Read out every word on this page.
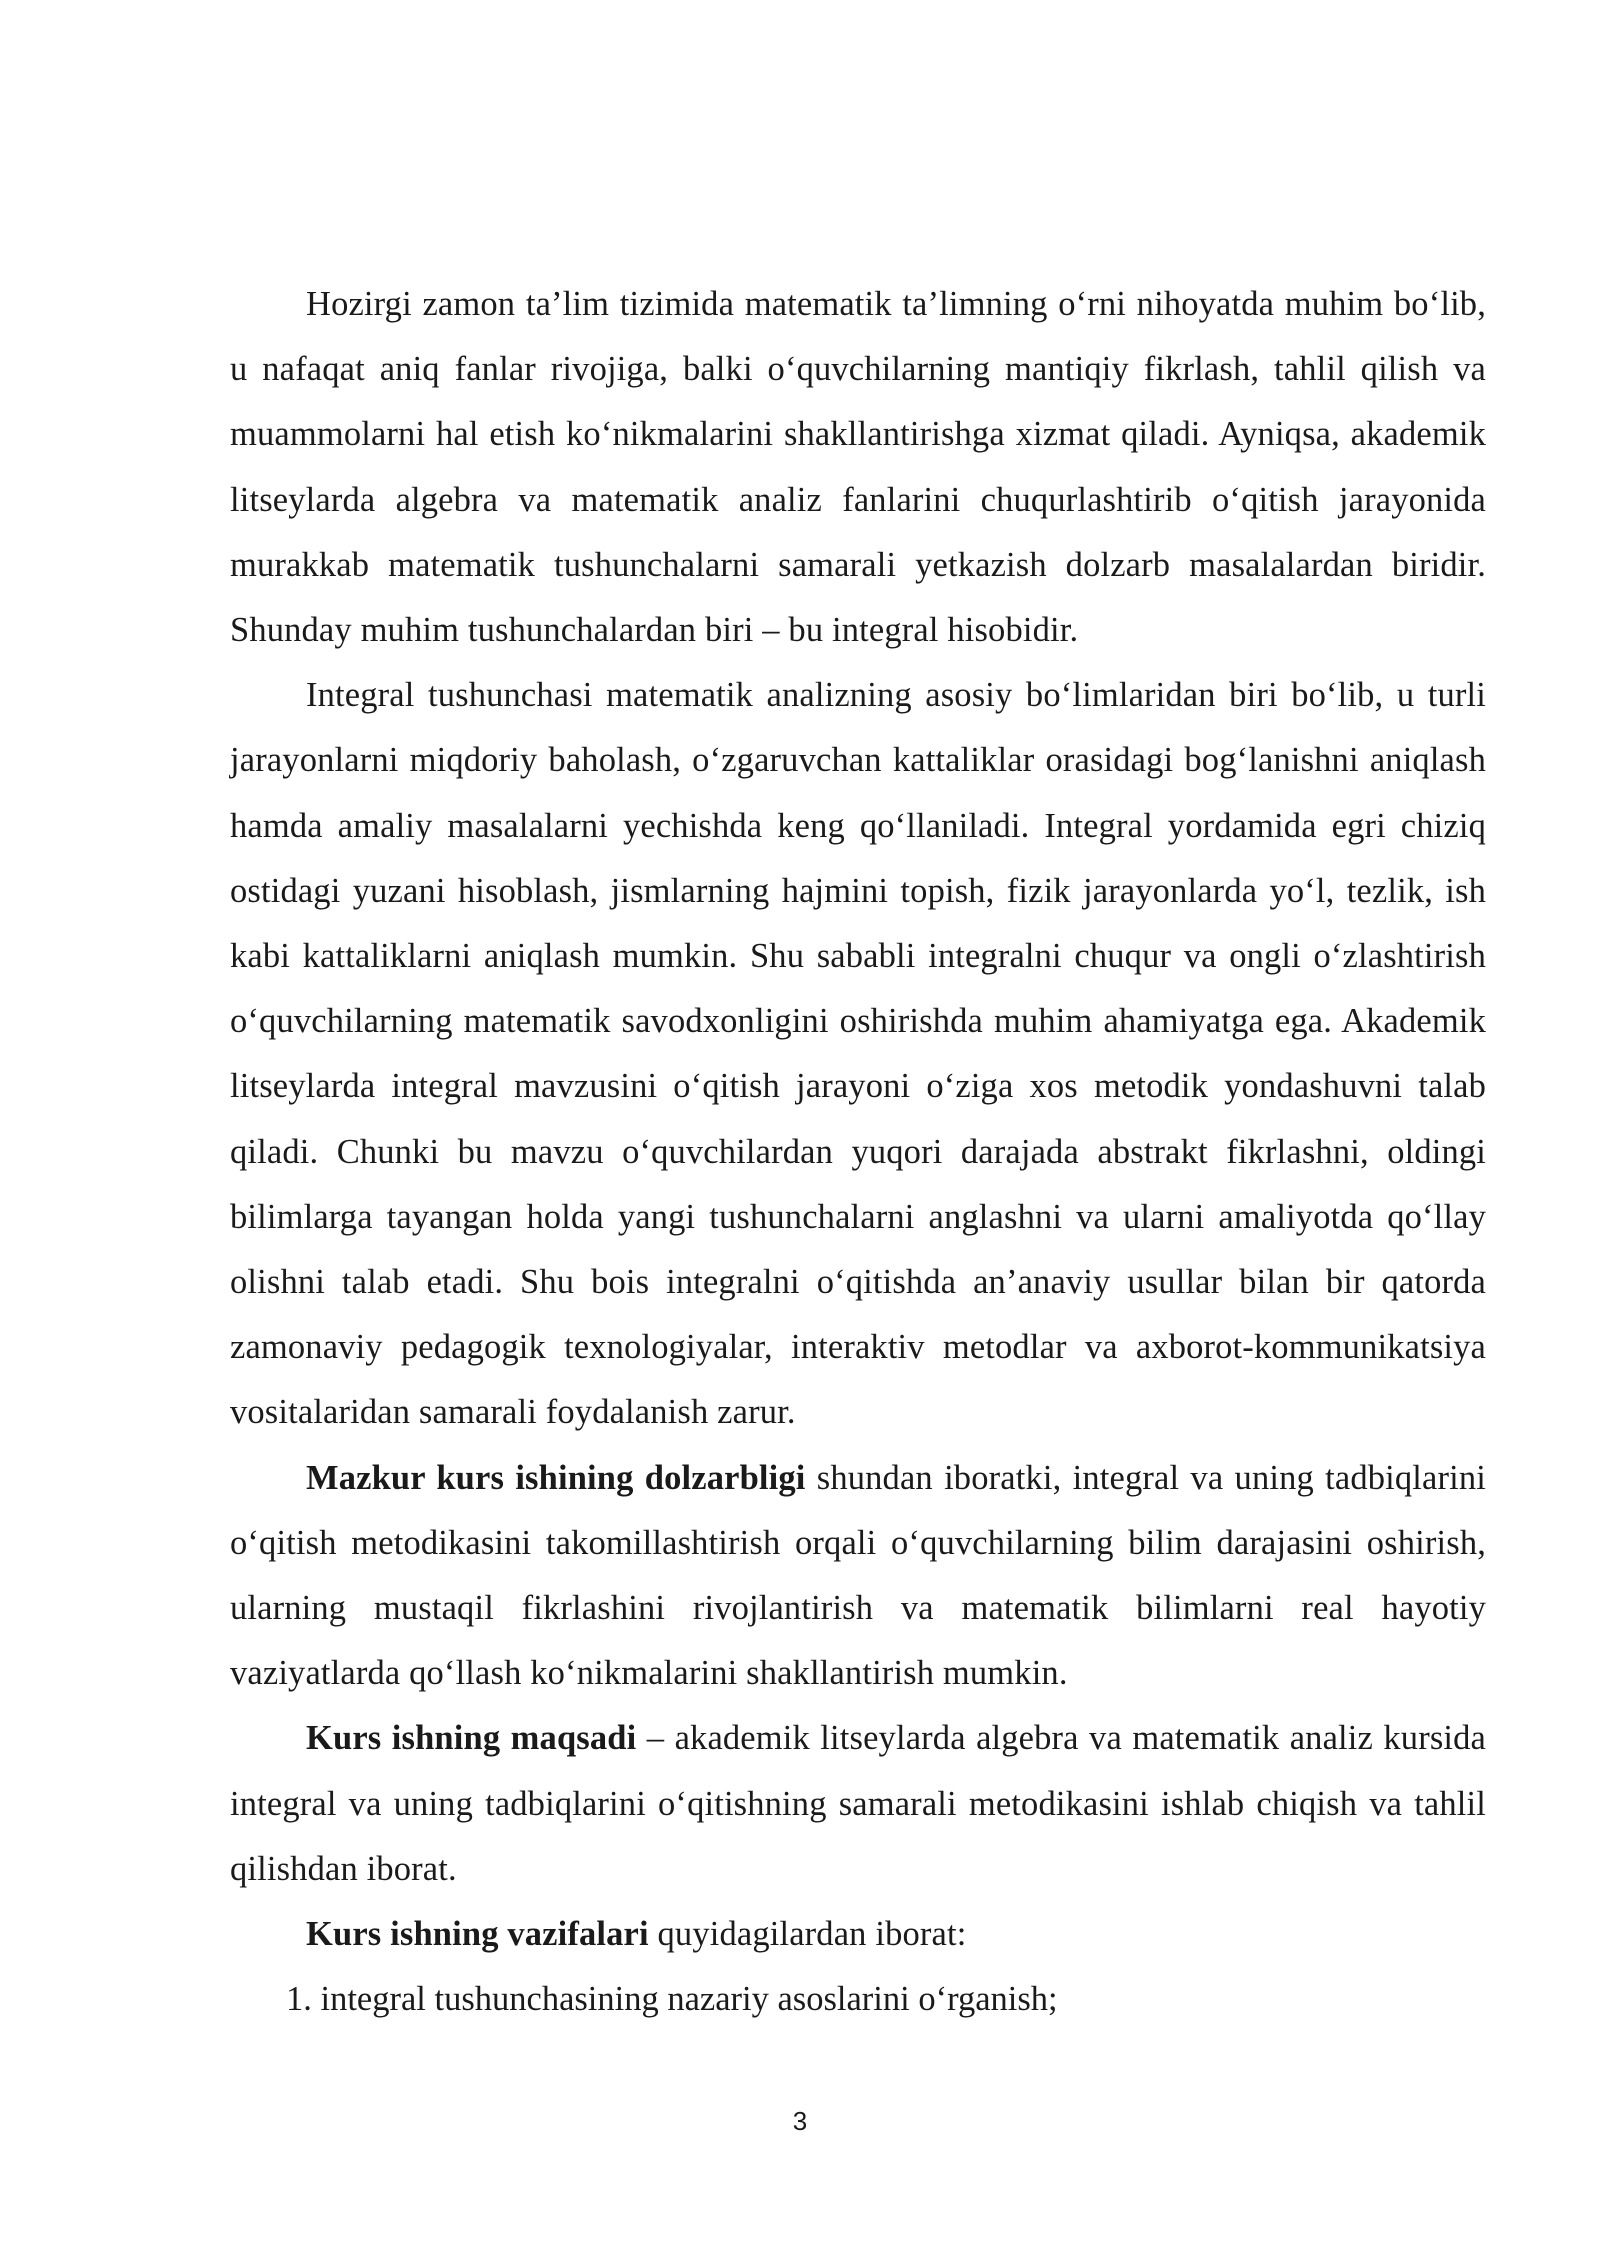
Hozirgi zamon ta’lim tizimida matematik ta’limning o‘rni nihoyatda muhim bo‘lib, u nafaqat aniq fanlar rivojiga, balki o‘quvchilarning mantiqiy fikrlash, tahlil qilish va muammolarni hal etish ko‘nikmalarini shakllantirishga xizmat qiladi. Ayniqsa, akademik litseylarda algebra va matematik analiz fanlarini chuqurlashtirib o‘qitish jarayonida murakkab matematik tushunchalarni samarali yetkazish dolzarb masalalardan biridir. Shunday muhim tushunchalardan biri – bu integral hisobidir.

Integral tushunchasi matematik analizning asosiy bo‘limlaridan biri bo‘lib, u turli jarayonlarni miqdoriy baholash, o‘zgaruvchan kattaliklar orasidagi bog‘lanishni aniqlash hamda amaliy masalalarni yechishda keng qo‘llaniladi. Integral yordamida egri chiziq ostidagi yuzani hisoblash, jismlarning hajmini topish, fizik jarayonlarda yo‘l, tezlik, ish kabi kattaliklarni aniqlash mumkin. Shu sababli integralni chuqur va ongli o‘zlashtirish o‘quvchilarning matematik savodxonligini oshirishda muhim ahamiyatga ega. Akademik litseylarda integral mavzusini o‘qitish jarayoni o‘ziga xos metodik yondashuvni talab qiladi. Chunki bu mavzu o‘quvchilardan yuqori darajada abstrakt fikrlashni, oldingi bilimlarga tayangan holda yangi tushunchalarni anglashni va ularni amaliyotda qo‘llay olishni talab etadi. Shu bois integralni o‘qitishda an’anaviy usullar bilan bir qatorda zamonaviy pedagogik texnologiyalar, interaktiv metodlar va axborot-kommunikatsiya vositalaridan samarali foydalanish zarur.

Mazkur kurs ishining dolzarbligi shundan iboratki, integral va uning tadbiqlarini o‘qitish metodikasini takomillashtirish orqali o‘quvchilarning bilim darajasini oshirish, ularning mustaqil fikrlashini rivojlantirish va matematik bilimlarni real hayotiy vaziyatlarda qo‘llash ko‘nikmalarini shakllantirish mumkin.

Kurs ishning maqsadi – akademik litseylarda algebra va matematik analiz kursida integral va uning tadbiqlarini o‘qitishning samarali metodikasini ishlab chiqish va tahlil qilishdan iborat.

Kurs ishning vazifalari quyidagilardan iborat:

1. integral tushunchasining nazariy asoslarini o‘rganish;

3
